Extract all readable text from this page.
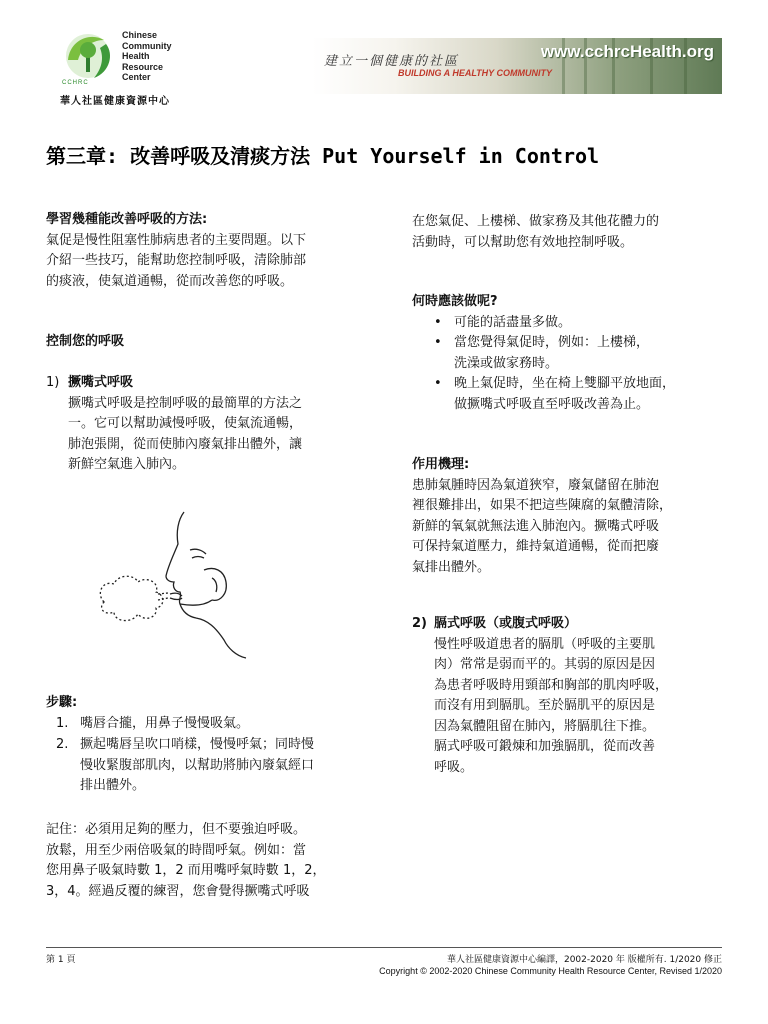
Chinese
Community
Health
Resource
Center
CCHRC
華人社區健康資源中心
建立一個健康的社區
BUILDING A HEALTHY COMMUNITY
www.cchrcHealth.org
第三章: 改善呼吸及清痰方法 Put Yourself in Control
學習幾種能改善呼吸的方法:
氣促是慢性阻塞性肺病患者的主要問題。以下
介紹一些技巧，能幫助您控制呼吸，清除肺部
的痰液，使氣道通暢，從而改善您的呼吸。
控制您的呼吸
1) 撅嘴式呼吸
撅嘴式呼吸是控制呼吸的最簡單的方法之
一。它可以幫助減慢呼吸，使氣流通暢，
肺泡張開，從而使肺內廢氣排出體外，讓
新鮮空氣進入肺內。
步驟:
1. 嘴唇合攏，用鼻子慢慢吸氣。
2. 撅起嘴唇呈吹口哨樣，慢慢呼氣；同時慢
慢收緊腹部肌肉，以幫助將肺內廢氣經口
排出體外。
記住：必須用足夠的壓力，但不要強迫呼吸。
放鬆，用至少兩倍吸氣的時間呼氣。例如：當
您用鼻子吸氣時數 1，2 而用嘴呼氣時數 1，2，
3，4。經過反覆的練習，您會覺得撅嘴式呼吸
在您氣促、上樓梯、做家務及其他花體力的
活動時，可以幫助您有效地控制呼吸。
何時應該做呢?
• 可能的話盡量多做。
• 當您覺得氣促時，例如：上樓梯，
洗澡或做家務時。
• 晚上氣促時，坐在椅上雙腳平放地面，
做撅嘴式呼吸直至呼吸改善為止。
作用機理:
患肺氣腫時因為氣道狹窄，廢氣儲留在肺泡
裡很難排出，如果不把這些陳腐的氣體清除，
新鮮的氧氣就無法進入肺泡內。撅嘴式呼吸
可保持氣道壓力，維持氣道通暢，從而把廢
氣排出體外。
2) 膈式呼吸（或腹式呼吸）
慢性呼吸道患者的膈肌（呼吸的主要肌
肉）常常是弱而平的。其弱的原因是因
為患者呼吸時用頸部和胸部的肌肉呼吸，
而沒有用到膈肌。至於膈肌平的原因是
因為氣體阻留在肺內，將膈肌往下推。
膈式呼吸可鍛煉和加強膈肌，從而改善
呼吸。
第 1 頁	華人社區健康資源中心編譯，2002-2020 年 版權所有. 1/2020 修正
Copyright © 2002-2020 Chinese Community Health Resource Center, Revised 1/2020
